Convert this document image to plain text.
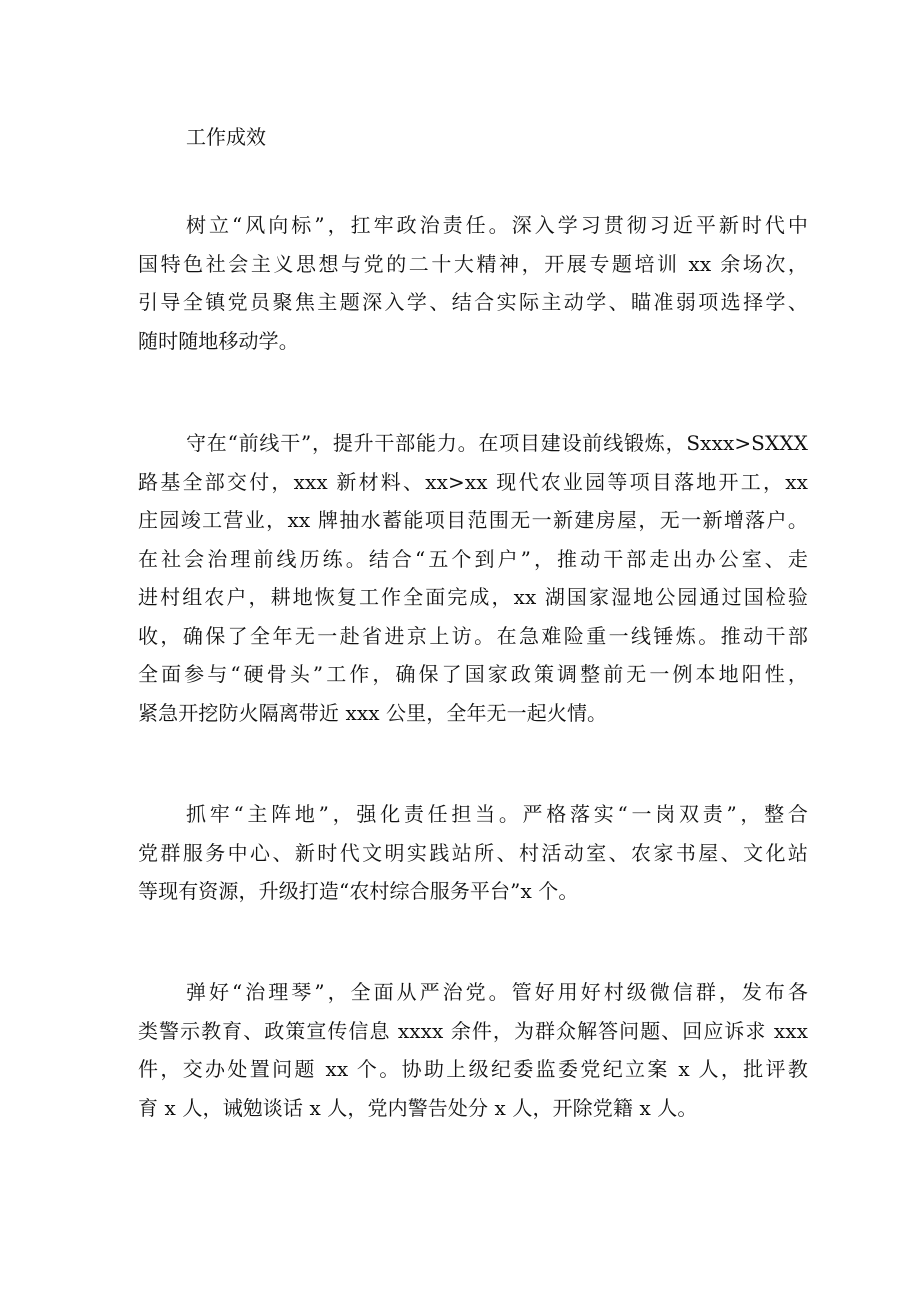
工作成效
树立“风向标”，扛牢政治责任。深入学习贯彻习近平新时代中
国特色社会主义思想与党的二十大精神，开展专题培训 xx 余场次，
引导全镇党员聚焦主题深入学、结合实际主动学、瞄准弱项选择学、
随时随地移动学。
守在“前线干”，提升干部能力。在项目建设前线锻炼，Sxxx>SXXX
路基全部交付，xxx 新材料、xx>xx 现代农业园等项目落地开工，xx
庄园竣工营业，xx 牌抽水蓄能项目范围无一新建房屋，无一新增落户。
在社会治理前线历练。结合“五个到户”，推动干部走出办公室、走
进村组农户，耕地恢复工作全面完成，xx 湖国家湿地公园通过国检验
收，确保了全年无一赴省进京上访。在急难险重一线锤炼。推动干部
全面参与“硬骨头”工作，确保了国家政策调整前无一例本地阳性，
紧急开挖防火隔离带近 xxx 公里，全年无一起火情。
抓牢“主阵地”，强化责任担当。严格落实“一岗双责”，整合
党群服务中心、新时代文明实践站所、村活动室、农家书屋、文化站
等现有资源，升级打造“农村综合服务平台”x 个。
弹好“治理琴”，全面从严治党。管好用好村级微信群，发布各
类警示教育、政策宣传信息 xxxx 余件，为群众解答问题、回应诉求 xxx
件，交办处置问题 xx 个。协助上级纪委监委党纪立案 x 人，批评教
育 x 人，诫勉谈话 x 人，党内警告处分 x 人，开除党籍 x 人。
